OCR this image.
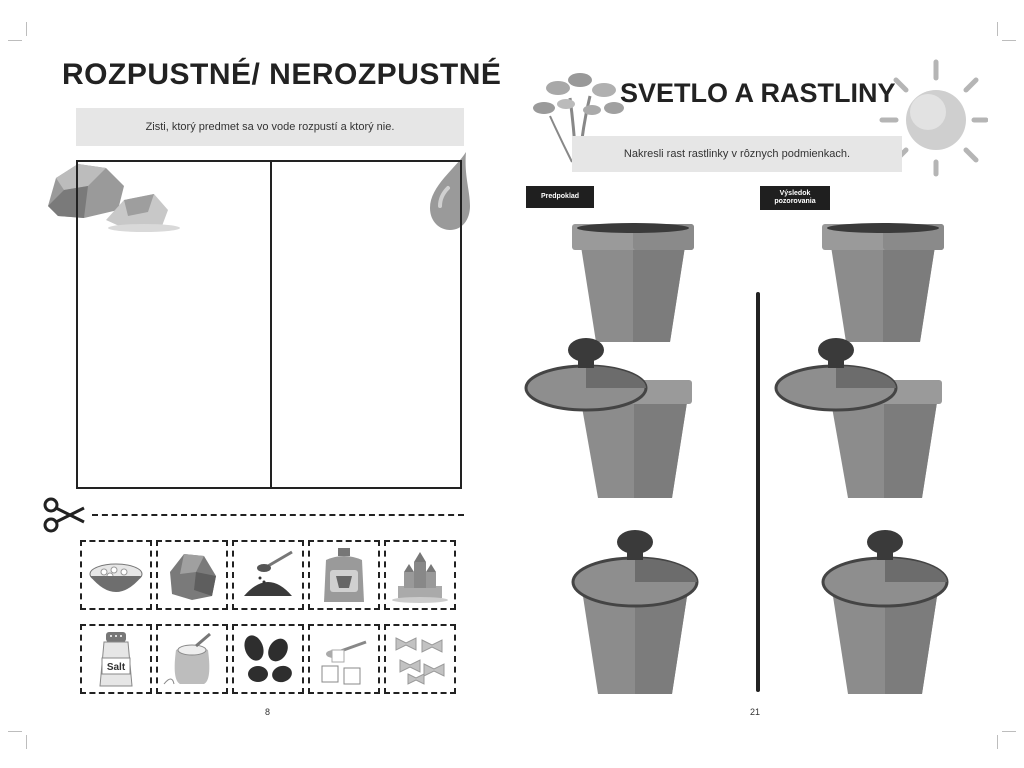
ROZPUSTNÉ/ NEROZPUSTNÉ
Zisti, ktorý predmet sa vo vode rozpustí a ktorý nie.
Salt
8
SVETLO A RASTLINY
Nakresli rast rastlinky v rôznych podmienkach.
Predpoklad	Výsledok pozorovania
21
